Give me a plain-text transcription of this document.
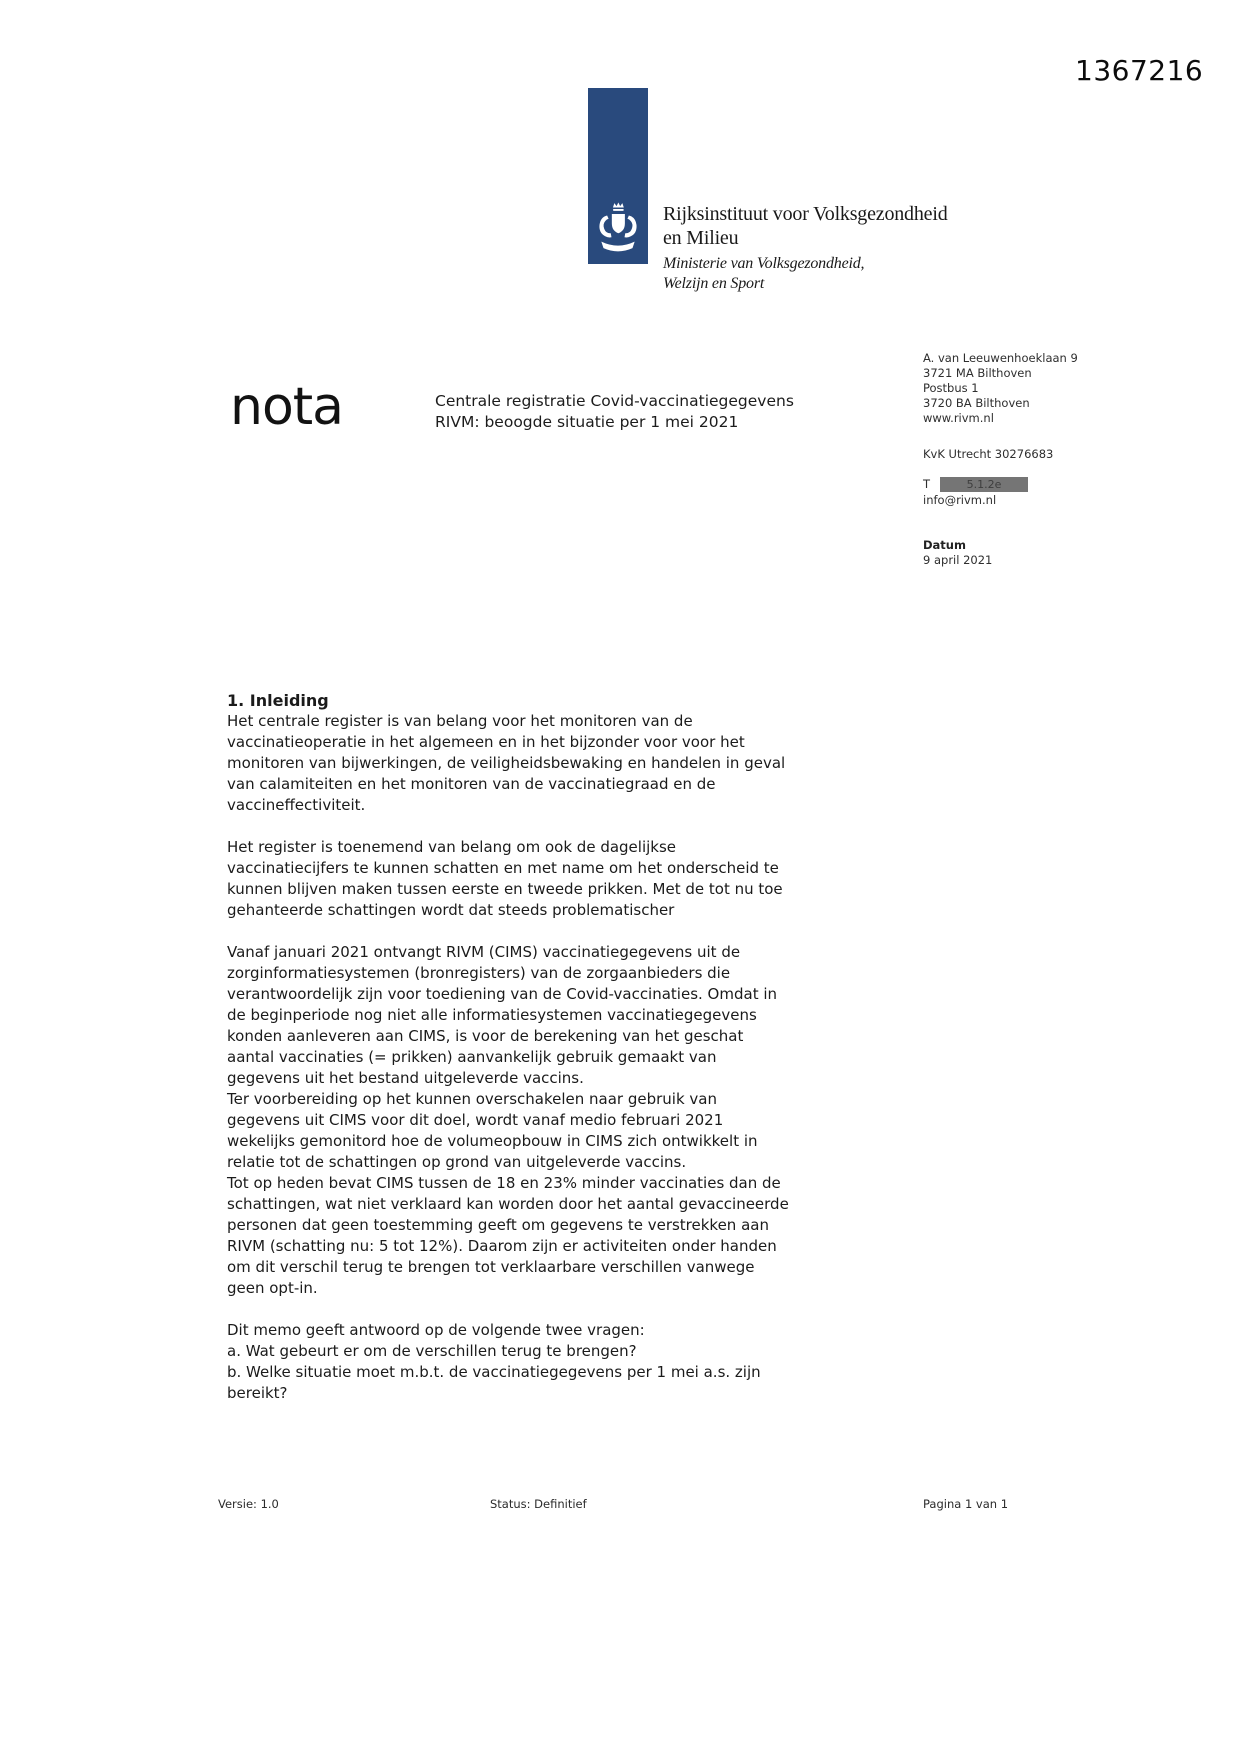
1367216
Rijksinstituut voor Volksgezondheid
en Milieu
Ministerie van Volksgezondheid,
Welzijn en Sport
nota	Centrale registratie Covid-vaccinatiegegevens
RIVM: beoogde situatie per 1 mei 2021
A. van Leeuwenhoeklaan 9
3721 MA Bilthoven
Postbus 1
3720 BA Bilthoven
www.rivm.nl
KvK Utrecht 30276683
T	5.1.2e
info@rivm.nl
Datum
9 april 2021
1. Inleiding
Het centrale register is van belang voor het monitoren van de
vaccinatieoperatie in het algemeen en in het bijzonder voor voor het
monitoren van bijwerkingen, de veiligheidsbewaking en handelen in geval
van calamiteiten en het monitoren van de vaccinatiegraad en de
vaccineffectiviteit.
Het register is toenemend van belang om ook de dagelijkse
vaccinatiecijfers te kunnen schatten en met name om het onderscheid te
kunnen blijven maken tussen eerste en tweede prikken. Met de tot nu toe
gehanteerde schattingen wordt dat steeds problematischer
Vanaf januari 2021 ontvangt RIVM (CIMS) vaccinatiegegevens uit de
zorginformatiesystemen (bronregisters) van de zorgaanbieders die
verantwoordelijk zijn voor toediening van de Covid-vaccinaties. Omdat in
de beginperiode nog niet alle informatiesystemen vaccinatiegegevens
konden aanleveren aan CIMS, is voor de berekening van het geschat
aantal vaccinaties (= prikken) aanvankelijk gebruik gemaakt van
gegevens uit het bestand uitgeleverde vaccins.
Ter voorbereiding op het kunnen overschakelen naar gebruik van
gegevens uit CIMS voor dit doel, wordt vanaf medio februari 2021
wekelijks gemonitord hoe de volumeopbouw in CIMS zich ontwikkelt in
relatie tot de schattingen op grond van uitgeleverde vaccins.
Tot op heden bevat CIMS tussen de 18 en 23% minder vaccinaties dan de
schattingen, wat niet verklaard kan worden door het aantal gevaccineerde
personen dat geen toestemming geeft om gegevens te verstrekken aan
RIVM (schatting nu: 5 tot 12%). Daarom zijn er activiteiten onder handen
om dit verschil terug te brengen tot verklaarbare verschillen vanwege
geen opt-in.
Dit memo geeft antwoord op de volgende twee vragen:
a. Wat gebeurt er om de verschillen terug te brengen?
b. Welke situatie moet m.b.t. de vaccinatiegegevens per 1 mei a.s. zijn
bereikt?
Versie: 1.0	Status: Definitief	Pagina 1 van 1
